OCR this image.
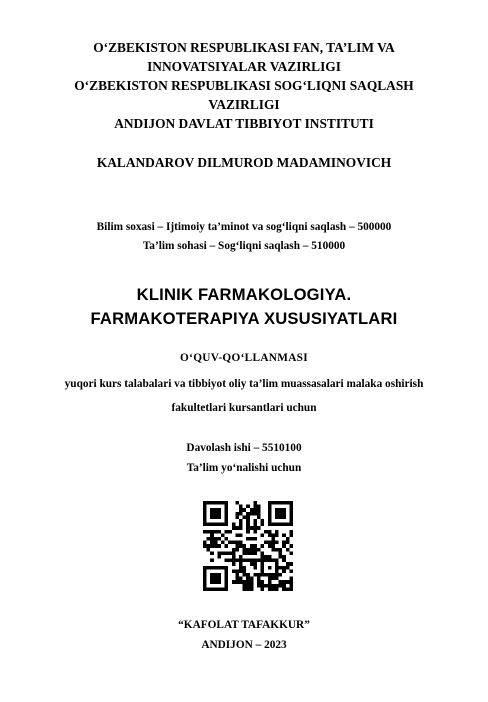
O‘ZBEKISTON RESPUBLIKASI FAN, TA’LIM VA
INNOVATSIYALAR VAZIRLIGI
O‘ZBEKISTON RESPUBLIKASI SOG‘LIQNI SAQLASH
VAZIRLIGI
ANDIJON DAVLAT TIBBIYOT INSTITUTI
KALANDAROV DILMUROD MADAMINOVICH
Bilim soxasi – Ijtimoiy ta’minot va sog‘liqni saqlash – 500000
Ta’lim sohasi – Sog‘liqni saqlash – 510000
KLINIK FARMAKOLOGIYA.
FARMAKOTERAPIYA XUSUSIYATLARI
O‘QUV-QO‘LLANMASI
yuqori kurs talabalari va tibbiyot oliy ta’lim muassasalari malaka oshirish
fakultetlari kursantlari uchun
Davolash ishi – 5510100
Ta’lim yo‘nalishi uchun
“KAFOLAT TAFAKKUR”
ANDIJON – 2023
